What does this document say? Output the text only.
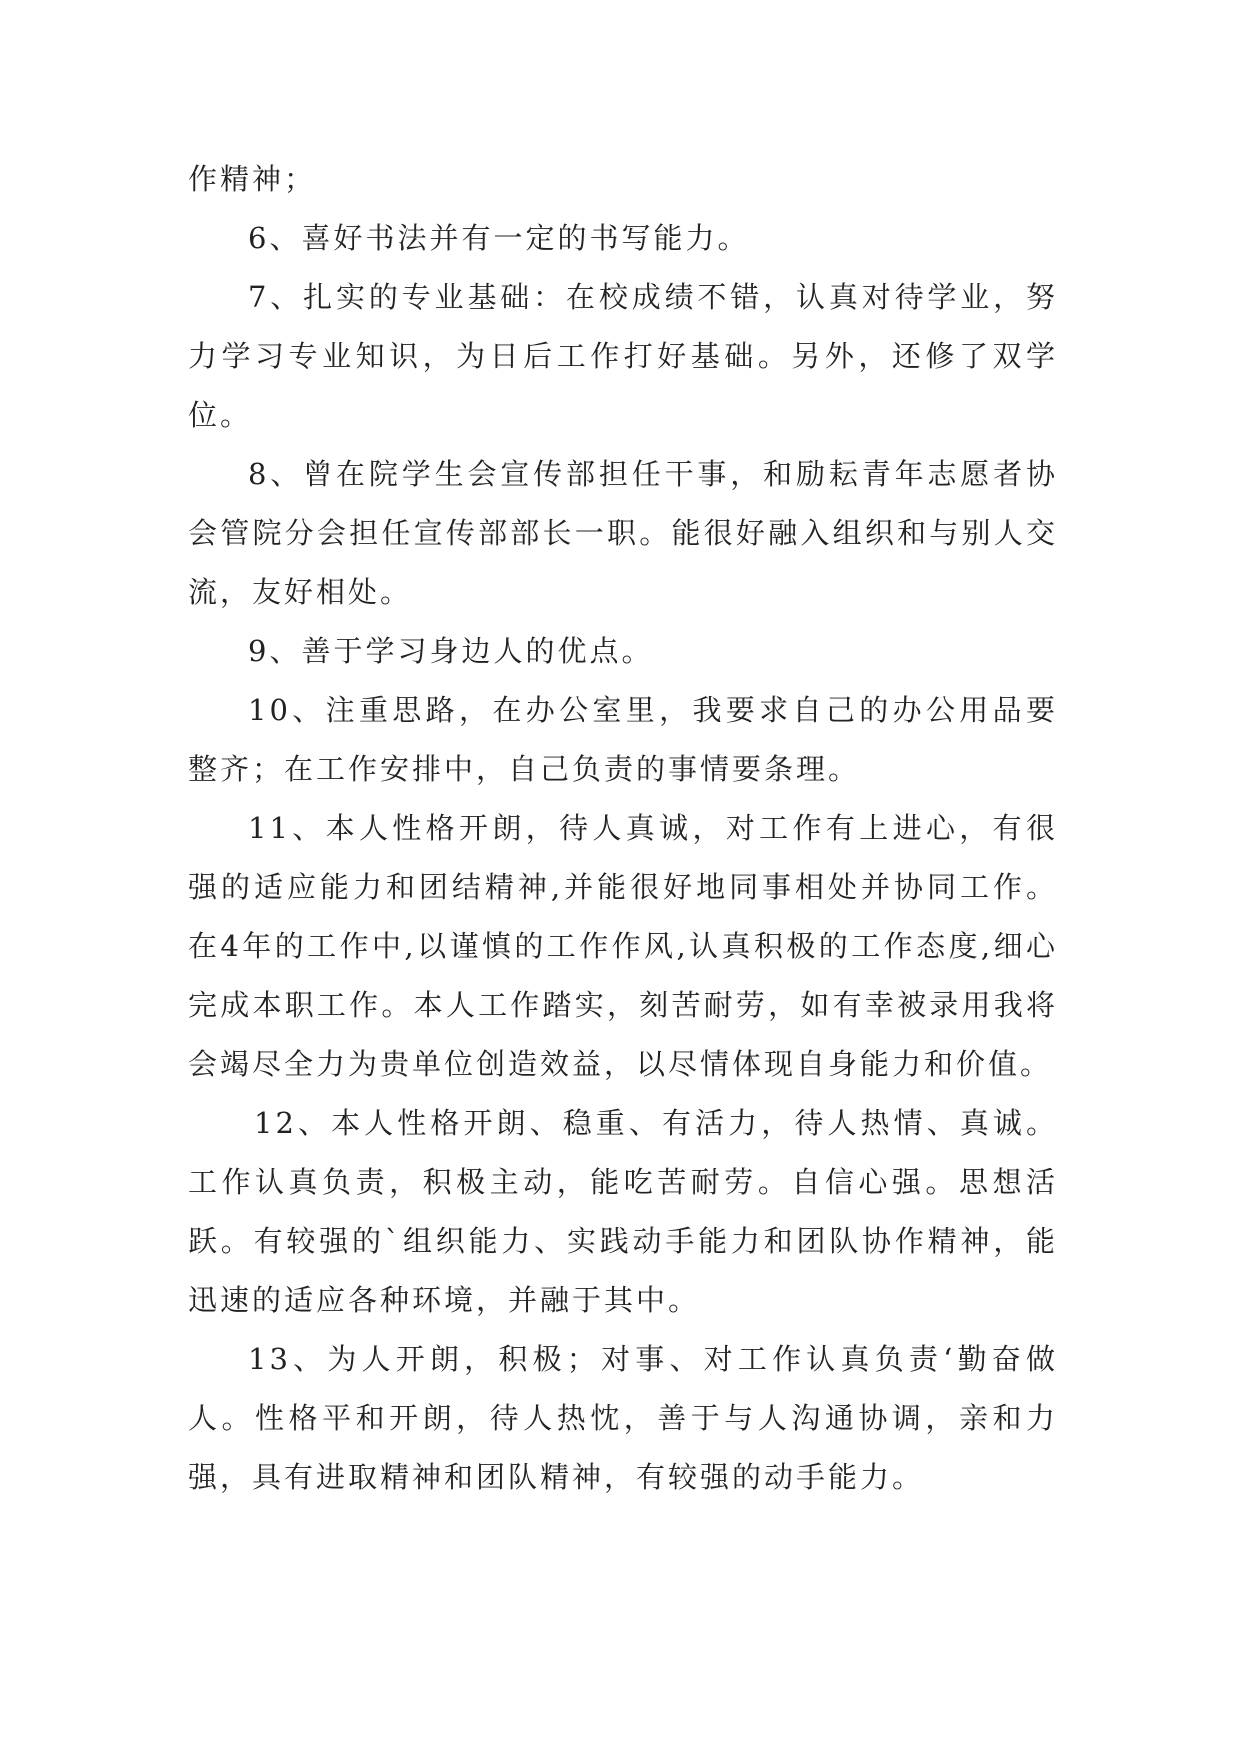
作精神；

6、喜好书法并有一定的书写能力。

7、扎实的专业基础：在校成绩不错，认真对待学业，努力学习专业知识，为日后工作打好基础。另外，还修了双学位。

8、曾在院学生会宣传部担任干事，和励耘青年志愿者协会管院分会担任宣传部部长一职。能很好融入组织和与别人交流，友好相处。

9、善于学习身边人的优点。

10、注重思路，在办公室里，我要求自己的办公用品要整齐；在工作安排中，自己负责的事情要条理。

11、本人性格开朗，待人真诚，对工作有上进心，有很强的适应能力和团结精神,并能很好地同事相处并协同工作。在4年的工作中,以谨慎的工作作风,认真积极的工作态度,细心完成本职工作。本人工作踏实，刻苦耐劳，如有幸被录用我将会竭尽全力为贵单位创造效益，以尽情体现自身能力和价值。

12、本人性格开朗、稳重、有活力，待人热情、真诚。工作认真负责，积极主动，能吃苦耐劳。自信心强。思想活跃。有较强的`组织能力、实践动手能力和团队协作精神，能迅速的适应各种环境，并融于其中。

13、为人开朗，积极；对事、对工作认真负责‘勤奋做人。性格平和开朗，待人热忱，善于与人沟通协调，亲和力强，具有进取精神和团队精神，有较强的动手能力。
